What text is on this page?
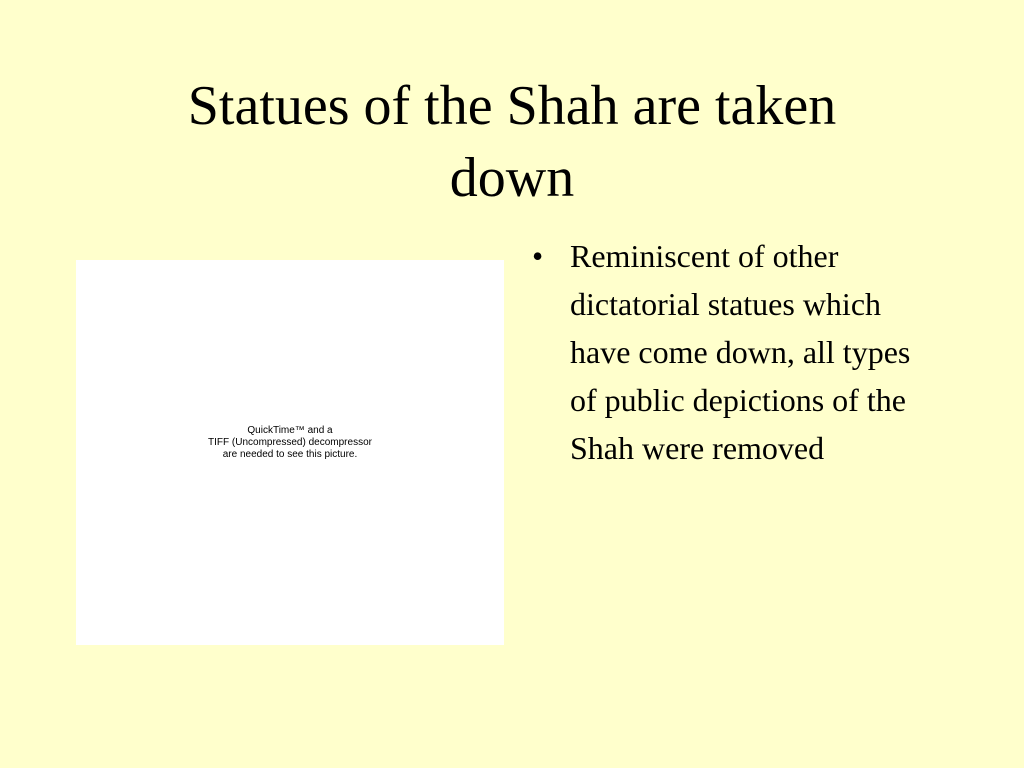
Statues of the Shah are taken down
QuickTime™ and a
TIFF (Uncompressed) decompressor
are needed to see this picture.
• Reminiscent of other dictatorial statues which have come down, all types of public depictions of the Shah were removed
